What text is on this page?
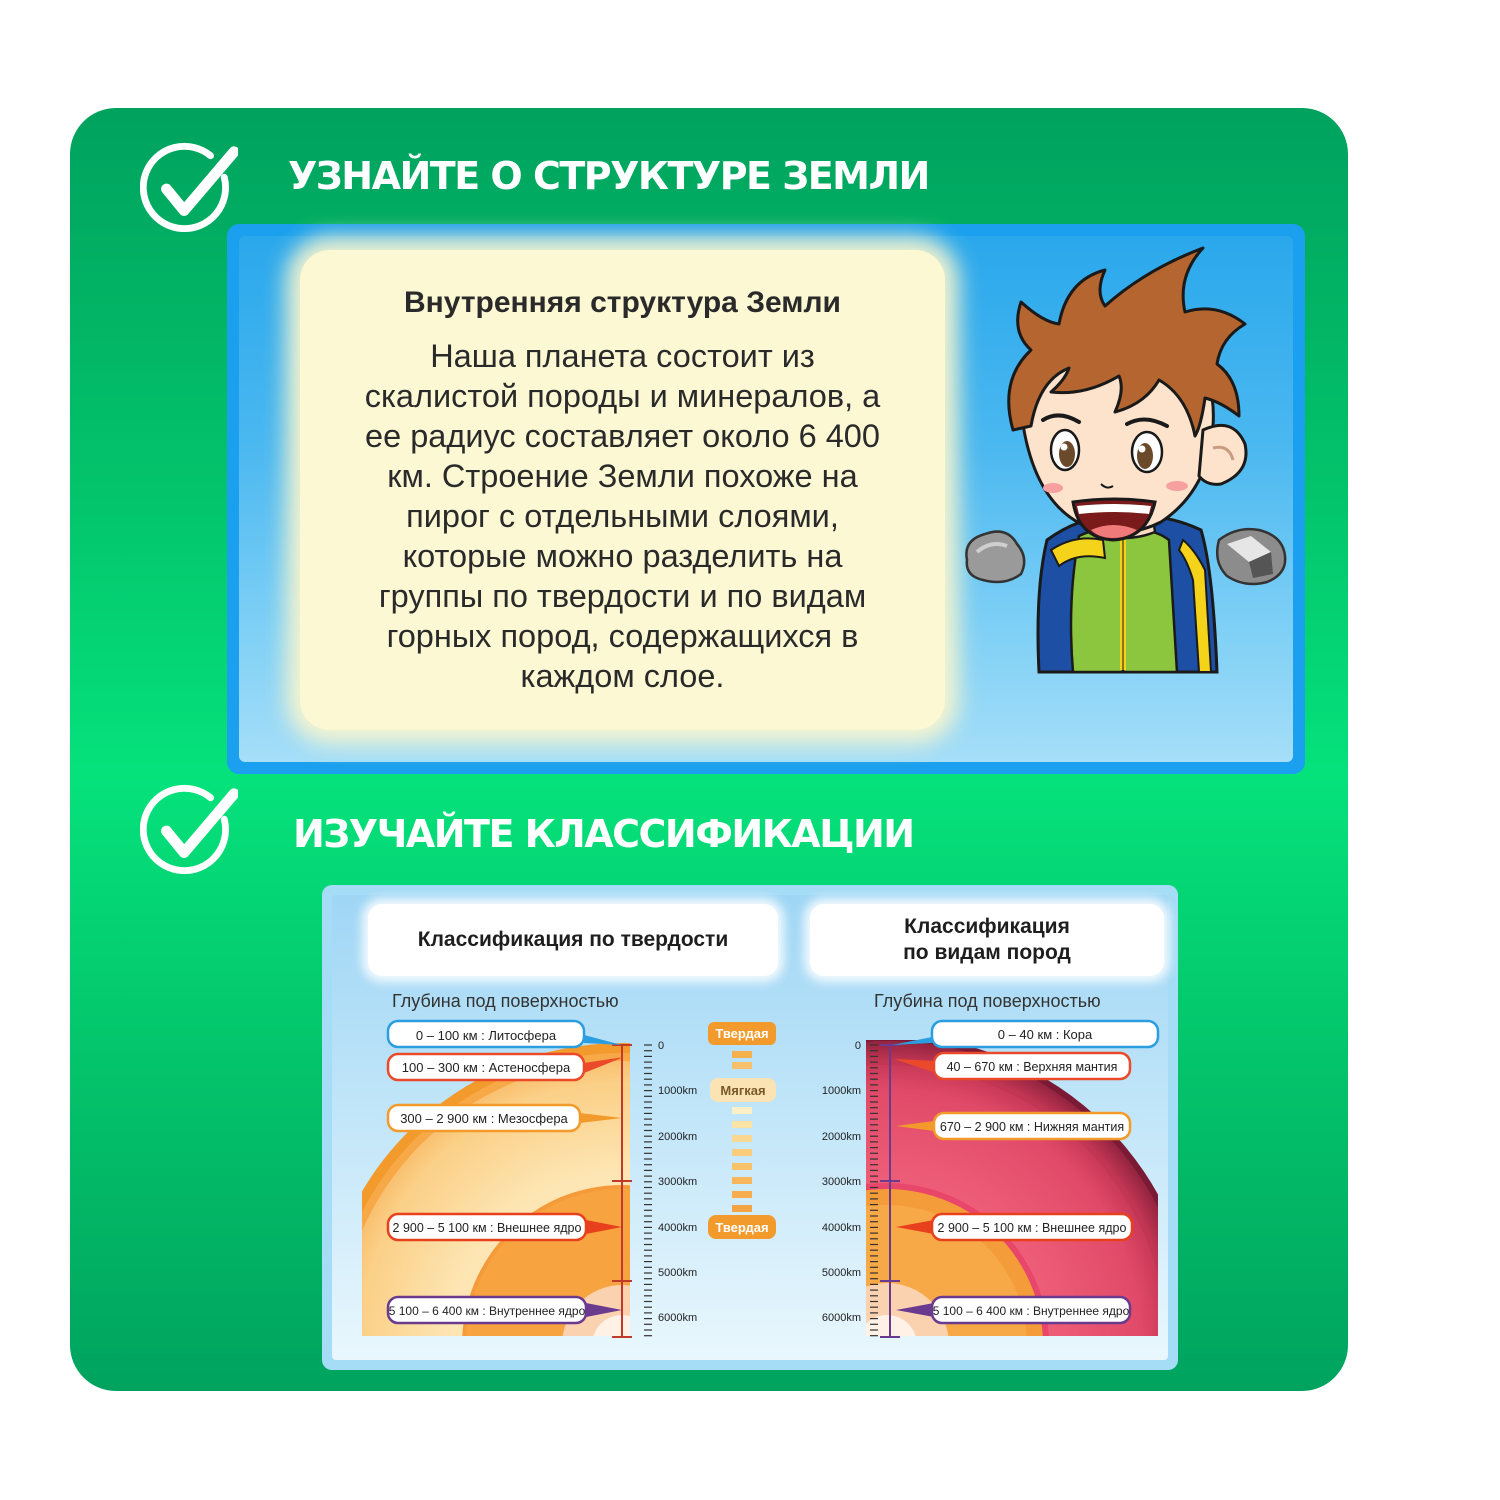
УЗНАЙТЕ О СТРУКТУРЕ ЗЕМЛИ
Внутренняя структура Земли
Наша планета состоит из
скалистой породы и минералов, а
ее радиус составляет около 6 400
км. Строение Земли похоже на
пирог с отдельными слоями,
которые можно разделить на
группы по твердости и по видам
горных пород, содержащихся в
каждом слое.
ИЗУЧАЙТЕ КЛАССИФИКАЦИИ
Классификация по твердости
Классификация
по видам пород
Глубина под поверхностью
0 – 100 км : Литосфера
100 – 300 км : Астеносфера
300 – 2 900 км : Мезосфера
2 900 – 5 100 км : Внешнее ядро
5 100 – 6 400 км : Внутреннее ядро
0
1000km
2000km
3000km
4000km
5000km
6000km
Твердая
Мягкая
Твердая
Глубина под поверхностью
0
1000km
2000km
3000km
4000km
5000km
6000km
0 – 40 км : Кора
40 – 670 км : Верхняя мантия
670 – 2 900 км : Нижняя мантия
2 900 – 5 100 км : Внешнее ядро
5 100 – 6 400 км : Внутреннее ядро
